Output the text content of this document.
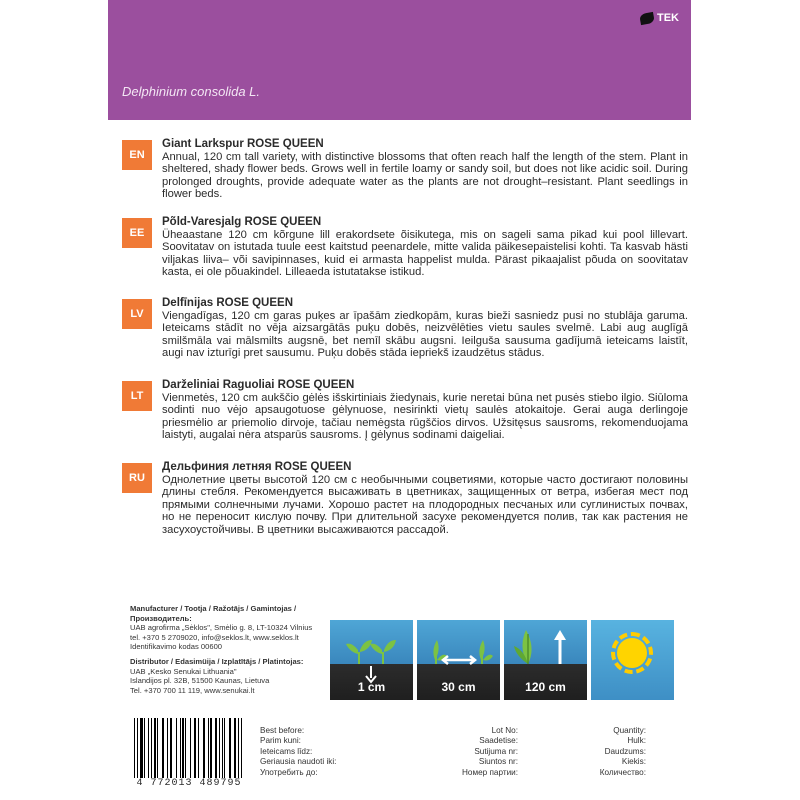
TEK
Delphinium consolida L.
EN
Giant Larkspur ROSE QUEEN
Annual, 120 cm tall variety, with distinctive blossoms that often reach half the length of the stem. Plant in sheltered, shady flower beds. Grows well in fertile loamy or sandy soil, but does not like acidic soil. During prolonged droughts, provide adequate water as the plants are not drought–resistant. Plant seedlings in flower beds.
EE
Põld-Varesjalg ROSE QUEEN
Üheaastane 120 cm kõrgune lill erakordsete õisikutega, mis on sageli sama pikad kui pool lillevart. Soovitatav on istutada tuule eest kaitstud peenardele, mitte valida päikesepaistelisi kohti. Ta kasvab hästi viljakas liiva– või savipinnases, kuid ei armasta happelist mulda. Pärast pikaajalist põuda on soovitatav kasta, ei ole põuakindel. Lilleaeda istutatakse istikud.
LV
Delfīnijas ROSE QUEEN
Viengadīgas, 120 cm garas puķes ar īpašām ziedkopām, kuras bieži sasniedz pusi no stublāja garuma. Ieteicams stādīt no vēja aizsargātās puķu dobēs, neizvēlēties vietu saules svelmē. Labi aug auglīgā smilšmāla vai mālsmilts augsnē, bet nemīl skābu augsni. Ieilguša sausuma gadījumā ieteicams laistīt, augi nav izturīgi pret sausumu. Puķu dobēs stāda iepriekš izaudzētus stādus.
LT
Darželiniai Raguoliai ROSE QUEEN
Vienmetės, 120 cm aukščio gėlės išskirtiniais žiedynais, kurie neretai būna net pusės stiebo ilgio. Siūloma sodinti nuo vėjo apsaugotuose gėlynuose, nesirinkti vietų saulės atokaitoje. Gerai auga derlingoje priesmėlio ar priemolio dirvoje, tačiau nemėgsta rūgščios dirvos. Užsitęsus sausroms, rekomenduojama laistyti, augalai nėra atsparūs sausroms. Į gėlynus sodinami daigeliai.
RU
Дельфиния летняя ROSE QUEEN
Однолетние цветы высотой 120 см с необычными соцветиями, которые часто достигают половины длины стебля. Рекомендуется высаживать в цветниках, защищенных от ветра, избегая мест под прямыми солнечными лучами. Хорошо растет на плодородных песчаных или суглинистых почвах, но не переносит кислую почву. При длительной засухе рекомендуется полив, так как растения не засухоустойчивы. В цветники высаживаются рассадой.
Manufacturer / Tootja / Ražotājs / Gamintojas / Производитель:
UAB agrofirma „Sėklos", Smėlio g. 8, LT-10324 Vilnius
tel. +370 5 2709020, info@seklos.lt, www.seklos.lt
Identifikavimo kodas 00600
Distributor / Edasimüija / Izplatītājs / Platintojas:
UAB „Kesko Senukai Lithuania"
Islandijos pl. 32B, 51500 Kaunas, Lietuva
Tel. +370 700 11 119, www.senukai.lt	1 cm	30 cm	120 cm
4 772013 489795
Best before:
Parim kuni:
Ieteicams līdz:
Geriausia naudoti iki:
Употребить до:
Lot No:
Saadetise:
Sutijuma nr:
Siuntos nr:
Номер партии:
Quantity:
Hulk:
Daudzums:
Kiekis:
Количество:
